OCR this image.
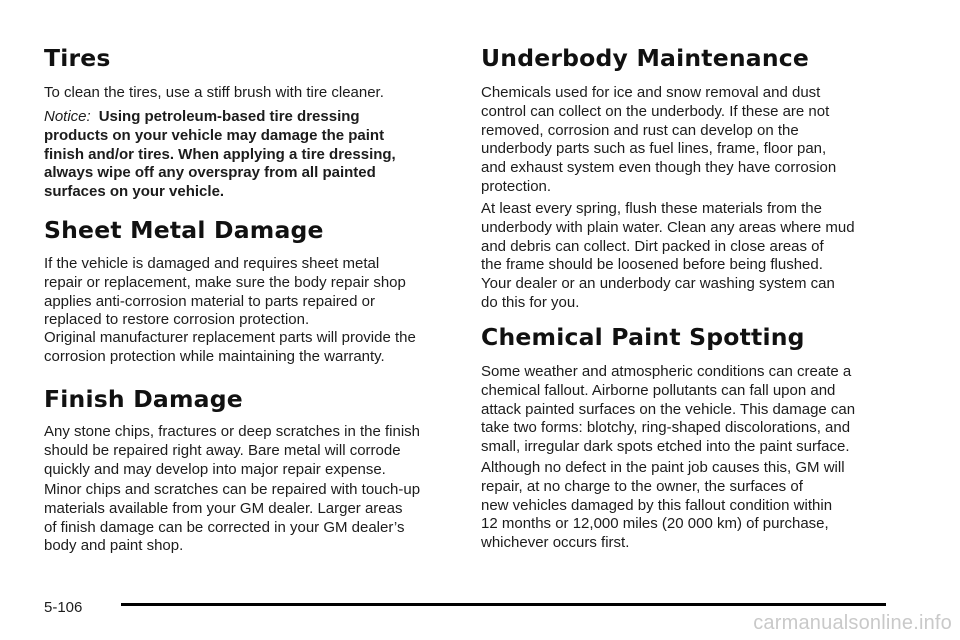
Tires
To clean the tires, use a stiff brush with tire cleaner.
Notice: Using petroleum-based tire dressing
products on your vehicle may damage the paint
finish and/or tires. When applying a tire dressing,
always wipe off any overspray from all painted
surfaces on your vehicle.
Sheet Metal Damage
If the vehicle is damaged and requires sheet metal
repair or replacement, make sure the body repair shop
applies anti-corrosion material to parts repaired or
replaced to restore corrosion protection.
Original manufacturer replacement parts will provide the
corrosion protection while maintaining the warranty.
Finish Damage
Any stone chips, fractures or deep scratches in the finish
should be repaired right away. Bare metal will corrode
quickly and may develop into major repair expense.
Minor chips and scratches can be repaired with touch-up
materials available from your GM dealer. Larger areas
of finish damage can be corrected in your GM dealer’s
body and paint shop.
Underbody Maintenance
Chemicals used for ice and snow removal and dust
control can collect on the underbody. If these are not
removed, corrosion and rust can develop on the
underbody parts such as fuel lines, frame, floor pan,
and exhaust system even though they have corrosion
protection.
At least every spring, flush these materials from the
underbody with plain water. Clean any areas where mud
and debris can collect. Dirt packed in close areas of
the frame should be loosened before being flushed.
Your dealer or an underbody car washing system can
do this for you.
Chemical Paint Spotting
Some weather and atmospheric conditions can create a
chemical fallout. Airborne pollutants can fall upon and
attack painted surfaces on the vehicle. This damage can
take two forms: blotchy, ring-shaped discolorations, and
small, irregular dark spots etched into the paint surface.
Although no defect in the paint job causes this, GM will
repair, at no charge to the owner, the surfaces of
new vehicles damaged by this fallout condition within
12 months or 12,000 miles (20 000 km) of purchase,
whichever occurs first.
5-106
carmanualsonline.info
